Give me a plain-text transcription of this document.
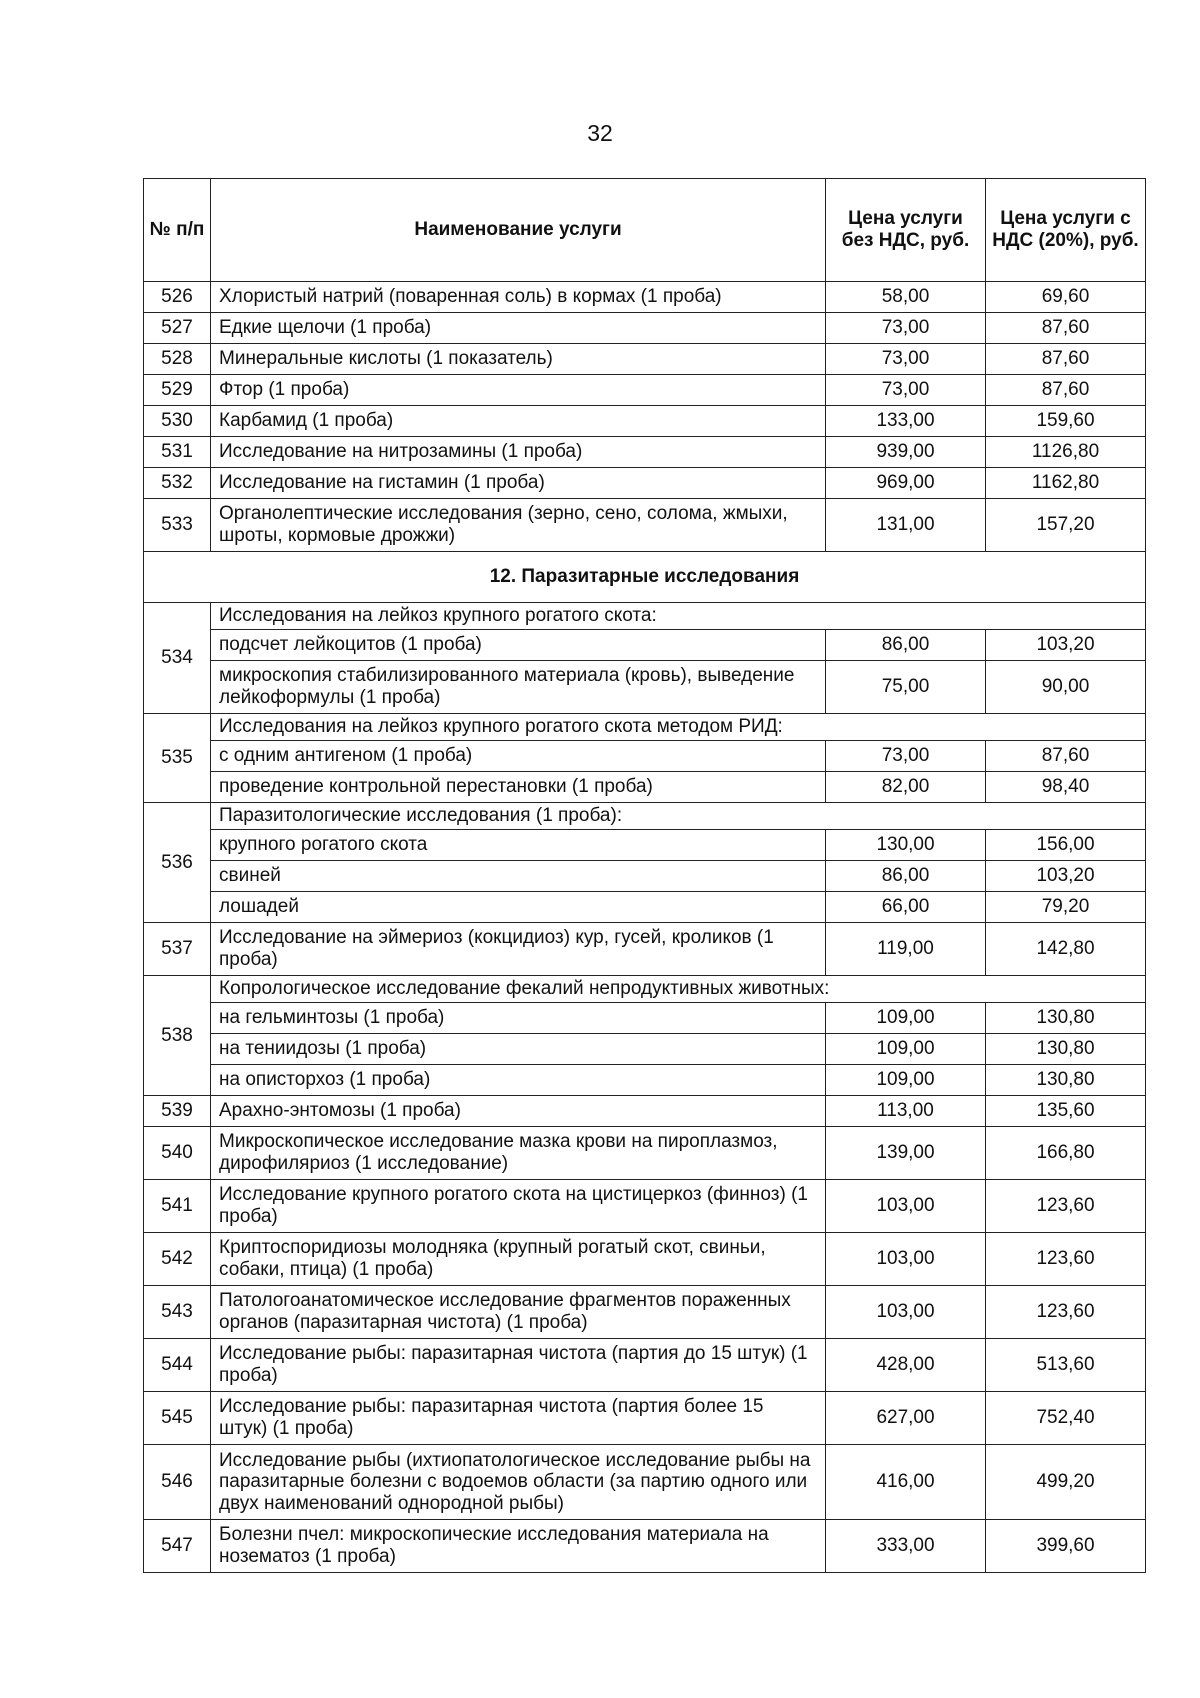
32
№ п/п	Наименование услуги	Цена услуги без НДС, руб.	Цена услуги с НДС (20%), руб.
526	Хлористый натрий (поваренная соль) в кормах (1 проба)	58,00	69,60
527	Едкие щелочи (1 проба)	73,00	87,60
528	Минеральные кислоты (1 показатель)	73,00	87,60
529	Фтор (1 проба)	73,00	87,60
530	Карбамид (1 проба)	133,00	159,60
531	Исследование на нитрозамины (1 проба)	939,00	1126,80
532	Исследование на гистамин (1 проба)	969,00	1162,80
533	Органолептические исследования (зерно, сено, солома, жмыхи, шроты, кормовые дрожжи)	131,00	157,20
12. Паразитарные исследования			
534	Исследования на лейкоз крупного рогатого скота:		
	подсчет лейкоцитов (1 проба)	86,00	103,20
	микроскопия стабилизированного материала (кровь), выведение лейкоформулы (1 проба)	75,00	90,00
535	Исследования на лейкоз крупного рогатого скота методом РИД:		
	с одним антигеном (1 проба)	73,00	87,60
	проведение контрольной перестановки (1 проба)	82,00	98,40
536	Паразитологические исследования (1 проба):		
	крупного рогатого скота	130,00	156,00
	свиней	86,00	103,20
	лошадей	66,00	79,20
537	Исследование на эймериоз (кокцидиоз) кур, гусей, кроликов (1 проба)	119,00	142,80
538	Копрологическое исследование фекалий непродуктивных животных:		
	на гельминтозы (1 проба)	109,00	130,80
	на тениидозы (1 проба)	109,00	130,80
	на описторхоз (1 проба)	109,00	130,80
539	Арахно-энтомозы (1 проба)	113,00	135,60
540	Микроскопическое исследование мазка крови на пироплазмоз, дирофиляриоз (1 исследование)	139,00	166,80
541	Исследование крупного рогатого скота на цистицеркоз (финноз) (1 проба)	103,00	123,60
542	Криптоспоридиозы молодняка (крупный рогатый скот, свиньи, собаки, птица) (1 проба)	103,00	123,60
543	Патологоанатомическое исследование фрагментов пораженных органов (паразитарная чистота) (1 проба)	103,00	123,60
544	Исследование рыбы: паразитарная чистота (партия до 15 штук) (1 проба)	428,00	513,60
545	Исследование рыбы: паразитарная чистота (партия более 15 штук) (1 проба)	627,00	752,40
546	Исследование рыбы (ихтиопатологическое исследование рыбы на паразитарные болезни с водоемов области (за партию одного или двух наименований однородной рыбы)	416,00	499,20
547	Болезни пчел: микроскопические исследования материала на нозематоз (1 проба)	333,00	399,60
